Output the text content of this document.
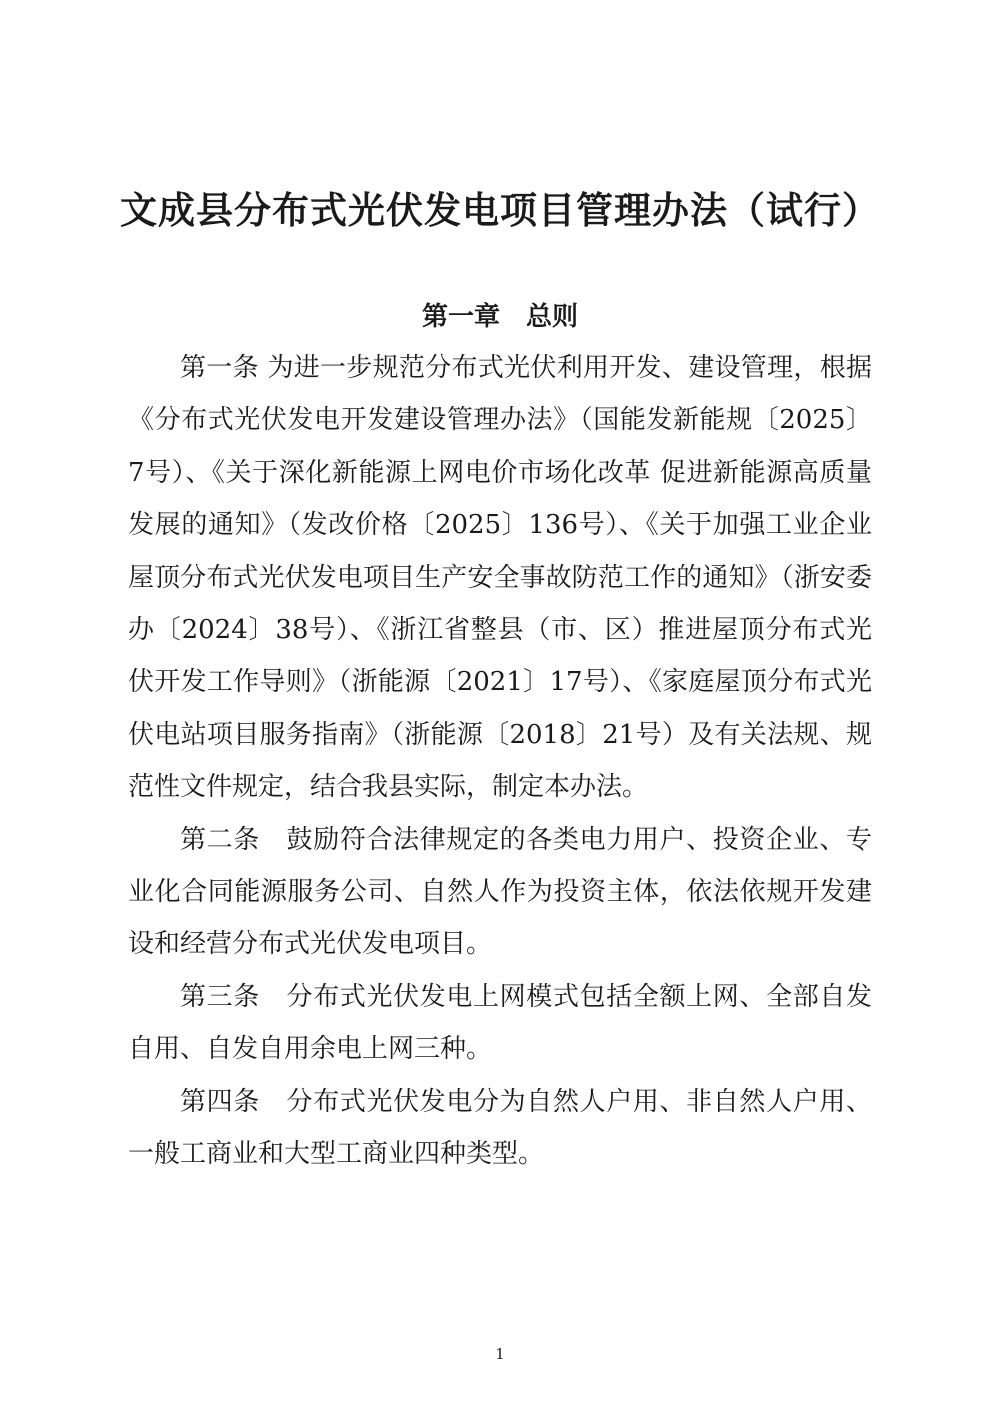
文成县分布式光伏发电项目管理办法（试行）
第一章　总则

第一条 为进一步规范分布式光伏利用开发、建设管理，根据《分布式光伏发电开发建设管理办法》（国能发新能规〔2025〕7号）、《关于深化新能源上网电价市场化改革 促进新能源高质量发展的通知》（发改价格〔2025〕136号）、《关于加强工业企业屋顶分布式光伏发电项目生产安全事故防范工作的通知》（浙安委办〔2024〕38号）、《浙江省整县（市、区）推进屋顶分布式光伏开发工作导则》（浙能源〔2021〕17号）、《家庭屋顶分布式光伏电站项目服务指南》（浙能源〔2018〕21号）及有关法规、规范性文件规定，结合我县实际，制定本办法。

第二条　鼓励符合法律规定的各类电力用户、投资企业、专业化合同能源服务公司、自然人作为投资主体，依法依规开发建设和经营分布式光伏发电项目。

第三条　分布式光伏发电上网模式包括全额上网、全部自发自用、自发自用余电上网三种。

第四条　分布式光伏发电分为自然人户用、非自然人户用、一般工商业和大型工商业四种类型。

1
